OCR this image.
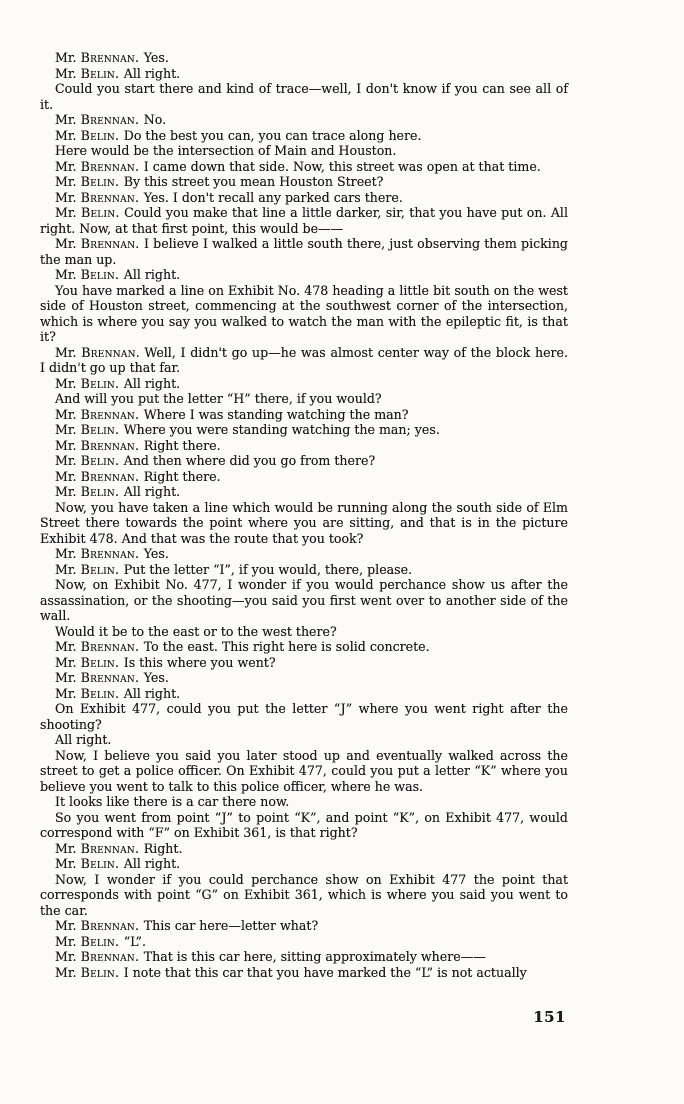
Mr. Brennan. Yes.

Mr. Belin. All right.

Could you start there and kind of trace—well, I don't know if you can see all of it.

Mr. Brennan. No.

Mr. Belin. Do the best you can, you can trace along here.

Here would be the intersection of Main and Houston.

Mr. Brennan. I came down that side. Now, this street was open at that time.

Mr. Belin. By this street you mean Houston Street?

Mr. Brennan. Yes. I don't recall any parked cars there.

Mr. Belin. Could you make that line a little darker, sir, that you have put on. All right. Now, at that first point, this would be——

Mr. Brennan. I believe I walked a little south there, just observing them picking the man up.

Mr. Belin. All right.

You have marked a line on Exhibit No. 478 heading a little bit south on the west side of Houston street, commencing at the southwest corner of the intersection, which is where you say you walked to watch the man with the epileptic fit, is that it?

Mr. Brennan. Well, I didn't go up—he was almost center way of the block here. I didn't go up that far.

Mr. Belin. All right.

And will you put the letter “H” there, if you would?

Mr. Brennan. Where I was standing watching the man?

Mr. Belin. Where you were standing watching the man; yes.

Mr. Brennan. Right there.

Mr. Belin. And then where did you go from there?

Mr. Brennan. Right there.

Mr. Belin. All right.

Now, you have taken a line which would be running along the south side of Elm Street there towards the point where you are sitting, and that is in the picture Exhibit 478. And that was the route that you took?

Mr. Brennan. Yes.

Mr. Belin. Put the letter “I”, if you would, there, please.

Now, on Exhibit No. 477, I wonder if you would perchance show us after the assassination, or the shooting—you said you first went over to another side of the wall.

Would it be to the east or to the west there?

Mr. Brennan. To the east. This right here is solid concrete.

Mr. Belin. Is this where you went?

Mr. Brennan. Yes.

Mr. Belin. All right.

On Exhibit 477, could you put the letter “J” where you went right after the shooting?

All right.

Now, I believe you said you later stood up and eventually walked across the street to get a police officer. On Exhibit 477, could you put a letter “K” where you believe you went to talk to this police officer, where he was.

It looks like there is a car there now.

So you went from point “J” to point “K”, and point “K”, on Exhibit 477, would correspond with “F” on Exhibit 361, is that right?

Mr. Brennan. Right.

Mr. Belin. All right.

Now, I wonder if you could perchance show on Exhibit 477 the point that corresponds with point “G” on Exhibit 361, which is where you said you went to the car.

Mr. Brennan. This car here—letter what?

Mr. Belin. “L”.

Mr. Brennan. That is this car here, sitting approximately where——

Mr. Belin. I note that this car that you have marked the “L” is not actually

151
